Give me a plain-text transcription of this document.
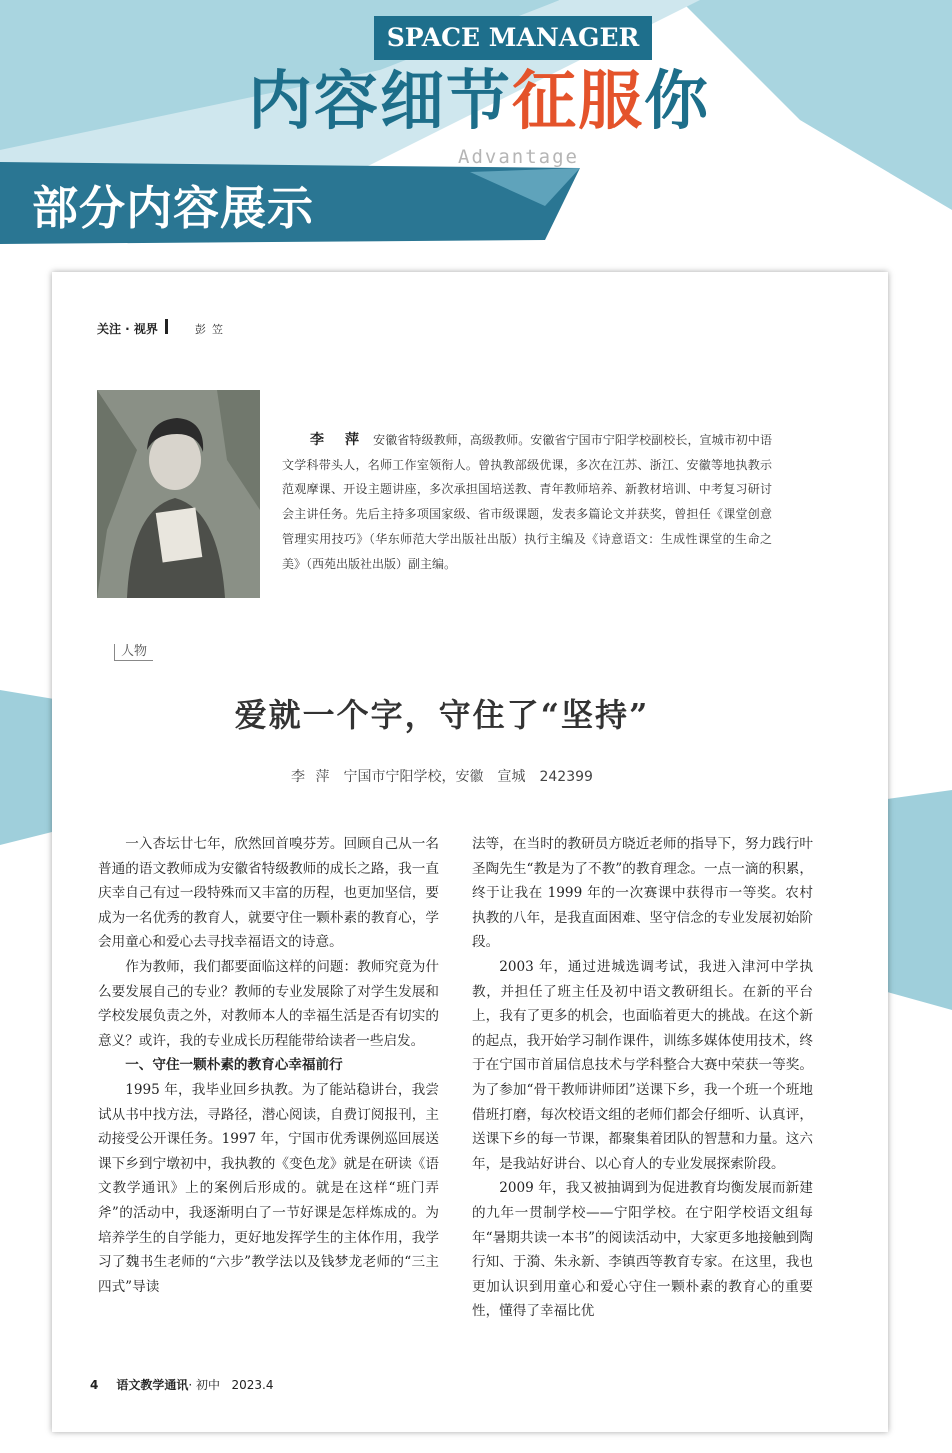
SPACE MANAGER
内容细节征服你
Advantage
部分内容展示
关注 · 视界	彭笠
李 萍 安徽省特级教师，高级教师。安徽省宁国市宁阳学校副校长，宣城市初中语文学科带头人，名师工作室领衔人。曾执教部级优课，多次在江苏、浙江、安徽等地执教示范观摩课、开设主题讲座，多次承担国培送教、青年教师培养、新教材培训、中考复习研讨会主讲任务。先后主持多项国家级、省市级课题，发表多篇论文并获奖，曾担任《课堂创意管理实用技巧》（华东师范大学出版社出版）执行主编及《诗意语文：生成性课堂的生命之美》（西苑出版社出版）副主编。
人物
爱就一个字，守住了“坚持”
李 萍　宁国市宁阳学校，安徽　宣城　242399

一入杏坛廿七年，欣然回首嗅芬芳。回顾自己从一名普通的语文教师成为安徽省特级教师的成长之路，我一直庆幸自己有过一段特殊而又丰富的历程，也更加坚信，要成为一名优秀的教育人，就要守住一颗朴素的教育心，学会用童心和爱心去寻找幸福语文的诗意。

作为教师，我们都要面临这样的问题：教师究竟为什么要发展自己的专业？教师的专业发展除了对学生发展和学校发展负责之外，对教师本人的幸福生活是否有切实的意义？或许，我的专业成长历程能带给读者一些启发。

一、守住一颗朴素的教育心幸福前行

1995 年，我毕业回乡执教。为了能站稳讲台，我尝试从书中找方法，寻路径，潜心阅读，自费订阅报刊，主动接受公开课任务。1997 年，宁国市优秀课例巡回展送课下乡到宁墩初中，我执教的《变色龙》就是在研读《语文教学通讯》上的案例后形成的。就是在这样“班门弄斧”的活动中，我逐渐明白了一节好课是怎样炼成的。为培养学生的自学能力，更好地发挥学生的主体作用，我学习了魏书生老师的“六步”教学法以及钱梦龙老师的“三主四式”导读

法等，在当时的教研员方晓近老师的指导下，努力践行叶圣陶先生“教是为了不教”的教育理念。一点一滴的积累，终于让我在 1999 年的一次赛课中获得市一等奖。农村执教的八年，是我直面困难、坚守信念的专业发展初始阶段。

2003 年，通过进城选调考试，我进入津河中学执教，并担任了班主任及初中语文教研组长。在新的平台上，我有了更多的机会，也面临着更大的挑战。在这个新的起点，我开始学习制作课件，训练多媒体使用技术，终于在宁国市首届信息技术与学科整合大赛中荣获一等奖。为了参加“骨干教师讲师团”送课下乡，我一个班一个班地借班打磨，每次校语文组的老师们都会仔细听、认真评，送课下乡的每一节课，都聚集着团队的智慧和力量。这六年，是我站好讲台、以心育人的专业发展探索阶段。

2009 年，我又被抽调到为促进教育均衡发展而新建的九年一贯制学校——宁阳学校。在宁阳学校语文组每年“暑期共读一本书”的阅读活动中，大家更多地接触到陶行知、于漪、朱永新、李镇西等教育专家。在这里，我也更加认识到用童心和爱心守住一颗朴素的教育心的重要性，懂得了幸福比优

4 语文教学通讯· 初中 2023.4
